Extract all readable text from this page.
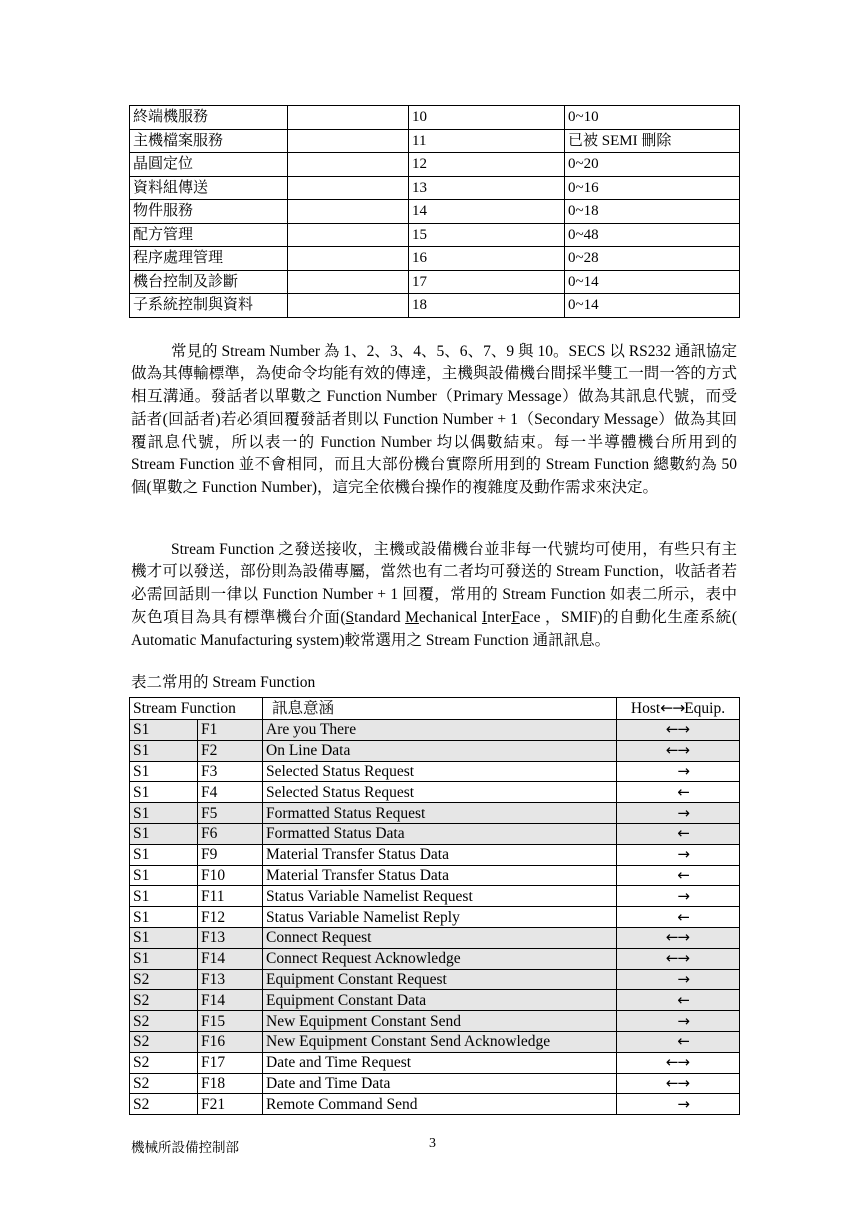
終端機服務		10	0~10
主機檔案服務		11	已被 SEMI 刪除
晶圓定位		12	0~20
資料組傳送		13	0~16
物件服務		14	0~18
配方管理		15	0~48
程序處理管理		16	0~28
機台控制及診斷		17	0~14
子系統控制與資料		18	0~14

常見的 Stream Number 為 1、2、3、4、5、6、7、9 與 10。SECS 以 RS232 通訊協定做為其傳輸標準，為使命令均能有效的傳達，主機與設備機台間採半雙工一問一答的方式相互溝通。發話者以單數之 Function Number（Primary Message）做為其訊息代號，而受話者(回話者)若必須回覆發話者則以 Function Number + 1（Secondary Message）做為其回覆訊息代號，所以表一的 Function Number 均以偶數結束。每一半導體機台所用到的 Stream Function 並不會相同，而且大部份機台實際所用到的 Stream Function 總數約為 50 個(單數之 Function Number)，這完全依機台操作的複雜度及動作需求來決定。

Stream Function 之發送接收，主機或設備機台並非每一代號均可使用，有些只有主機才可以發送，部份則為設備專屬，當然也有二者均可發送的 Stream Function，收話者若必需回話則一律以 Function Number + 1 回覆，常用的 Stream Function 如表二所示，表中灰色項目為具有標準機台介面(Standard Mechanical InterFace ，SMIF)的自動化生產系統( Automatic Manufacturing system)較常選用之 Stream Function 通訊訊息。

表二常用的 Stream Function
Stream Function		訊息意涵	Host←→Equip.
S1	F1	Are you There	←→
S1	F2	On Line Data	←→
S1	F3	Selected Status Request	→
S1	F4	Selected Status Request	←
S1	F5	Formatted Status Request	→
S1	F6	Formatted Status Data	←
S1	F9	Material Transfer Status Data	→
S1	F10	Material Transfer Status Data	←
S1	F11	Status Variable Namelist Request	→
S1	F12	Status Variable Namelist Reply	←
S1	F13	Connect Request	←→
S1	F14	Connect Request Acknowledge	←→
S2	F13	Equipment Constant Request	→
S2	F14	Equipment Constant Data	←
S2	F15	New Equipment Constant Send	→
S2	F16	New Equipment Constant Send Acknowledge	←
S2	F17	Date and Time Request	←→
S2	F18	Date and Time Data	←→
S2	F21	Remote Command Send	→
機械所設備控制部	3
